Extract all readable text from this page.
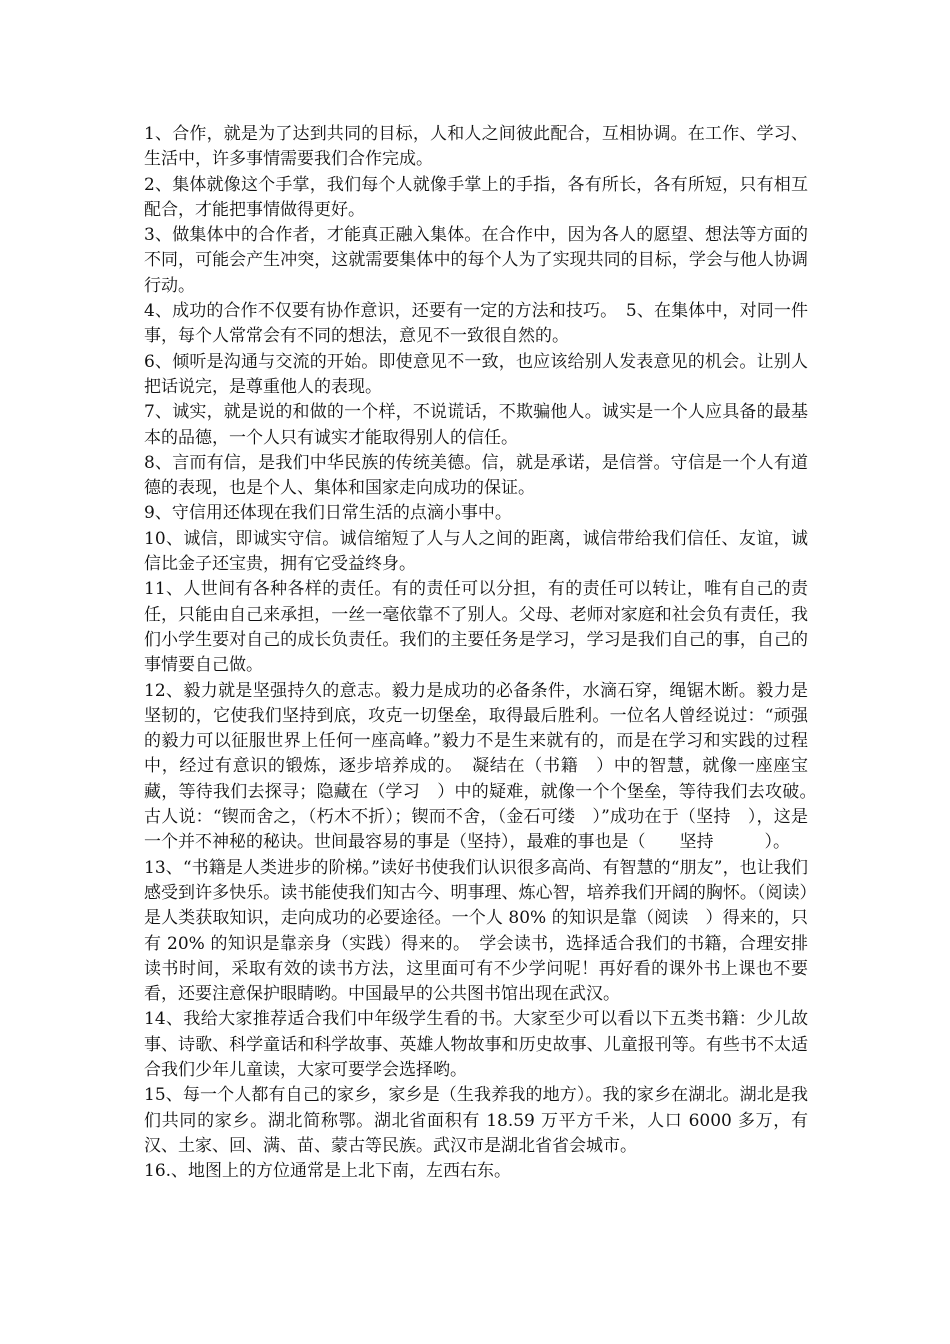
1、合作，就是为了达到共同的目标，人和人之间彼此配合，互相协调。在工作、学习、生活中，许多事情需要我们合作完成。

2、集体就像这个手掌，我们每个人就像手掌上的手指，各有所长，各有所短，只有相互配合，才能把事情做得更好。

3、做集体中的合作者，才能真正融入集体。在合作中，因为各人的愿望、想法等方面的不同，可能会产生冲突，这就需要集体中的每个人为了实现共同的目标，学会与他人协调行动。

4、成功的合作不仅要有协作意识，还要有一定的方法和技巧。　5、在集体中，对同一件事，每个人常常会有不同的想法，意见不一致很自然的。

6、倾听是沟通与交流的开始。即使意见不一致，也应该给别人发表意见的机会。让别人把话说完，是尊重他人的表现。

7、诚实，就是说的和做的一个样，不说谎话，不欺骗他人。诚实是一个人应具备的最基本的品德，一个人只有诚实才能取得别人的信任。

8、言而有信，是我们中华民族的传统美德。信，就是承诺，是信誉。守信是一个人有道德的表现，也是个人、集体和国家走向成功的保证。

9、守信用还体现在我们日常生活的点滴小事中。

10、诚信，即诚实守信。诚信缩短了人与人之间的距离，诚信带给我们信任、友谊，诚信比金子还宝贵，拥有它受益终身。

11、人世间有各种各样的责任。有的责任可以分担，有的责任可以转让，唯有自己的责任，只能由自己来承担，一丝一毫依靠不了别人。父母、老师对家庭和社会负有责任，我们小学生要对自己的成长负责任。我们的主要任务是学习，学习是我们自己的事，自己的事情要自己做。

12、毅力就是坚强持久的意志。毅力是成功的必备条件，水滴石穿，绳锯木断。毅力是坚韧的，它使我们坚持到底，攻克一切堡垒，取得最后胜利。一位名人曾经说过：“顽强的毅力可以征服世界上任何一座高峰。”毅力不是生来就有的，而是在学习和实践的过程中，经过有意识的锻炼，逐步培养成的。　凝结在（书籍　）中的智慧，就像一座座宝藏，等待我们去探寻；隐藏在（学习　）中的疑难，就像一个个堡垒，等待我们去攻破。　古人说：“锲而舍之，（朽木不折）；锲而不舍，（金石可缕　）”成功在于（坚持　），这是一个并不神秘的秘诀。世间最容易的事是（坚持），最难的事也是（　　坚持　　　）。

13、“书籍是人类进步的阶梯。”读好书使我们认识很多高尚、有智慧的“朋友”，也让我们感受到许多快乐。读书能使我们知古今、明事理、炼心智，培养我们开阔的胸怀。（阅读）是人类获取知识，走向成功的必要途径。一个人 80% 的知识是靠（阅读　）得来的，只有 20% 的知识是靠亲身（实践）得来的。　学会读书，选择适合我们的书籍，合理安排读书时间，采取有效的读书方法，这里面可有不少学问呢！再好看的课外书上课也不要看，还要注意保护眼睛哟。中国最早的公共图书馆出现在武汉。

14、我给大家推荐适合我们中年级学生看的书。大家至少可以看以下五类书籍：少儿故事、诗歌、科学童话和科学故事、英雄人物故事和历史故事、儿童报刊等。有些书不太适合我们少年儿童读，大家可要学会选择哟。

15、每一个人都有自己的家乡，家乡是（生我养我的地方）。我的家乡在湖北。湖北是我们共同的家乡。湖北简称鄂。湖北省面积有 18.59 万平方千米，人口 6000 多万，有汉、土家、回、满、苗、蒙古等民族。武汉市是湖北省省会城市。

16.、地图上的方位通常是上北下南，左西右东。
